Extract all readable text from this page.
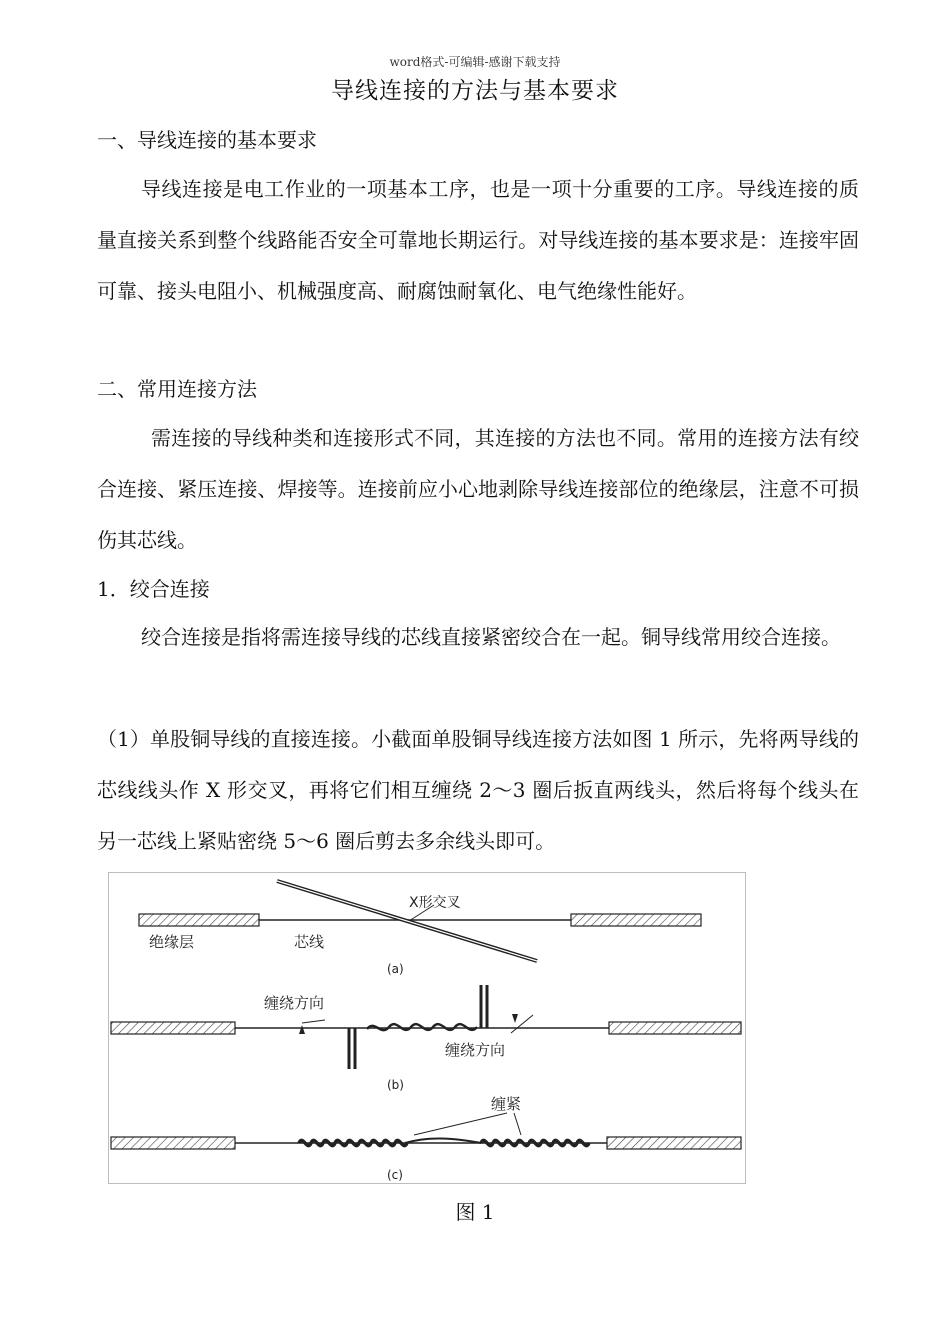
word格式-可编辑-感谢下载支持
导线连接的方法与基本要求
一、导线连接的基本要求
导线连接是电工作业的一项基本工序，也是一项十分重要的工序。导线连接的质量直接关系到整个线路能否安全可靠地长期运行。对导线连接的基本要求是：连接牢固可靠、接头电阻小、机械强度高、耐腐蚀耐氧化、电气绝缘性能好。
二、常用连接方法
需连接的导线种类和连接形式不同，其连接的方法也不同。常用的连接方法有绞合连接、紧压连接、焊接等。连接前应小心地剥除导线连接部位的绝缘层，注意不可损伤其芯线。
1．绞合连接
绞合连接是指将需连接导线的芯线直接紧密绞合在一起。铜导线常用绞合连接。
（1）单股铜导线的直接连接。小截面单股铜导线连接方法如图 1 所示，先将两导线的芯线线头作 X 形交叉，再将它们相互缠绕 2～3 圈后扳直两线头，然后将每个线头在另一芯线上紧贴密绕 5～6 圈后剪去多余线头即可。
X形交叉
绝缘层	芯线
(a)
缠绕方向
缠绕方向
(b)
缠紧
(c)
图 1
